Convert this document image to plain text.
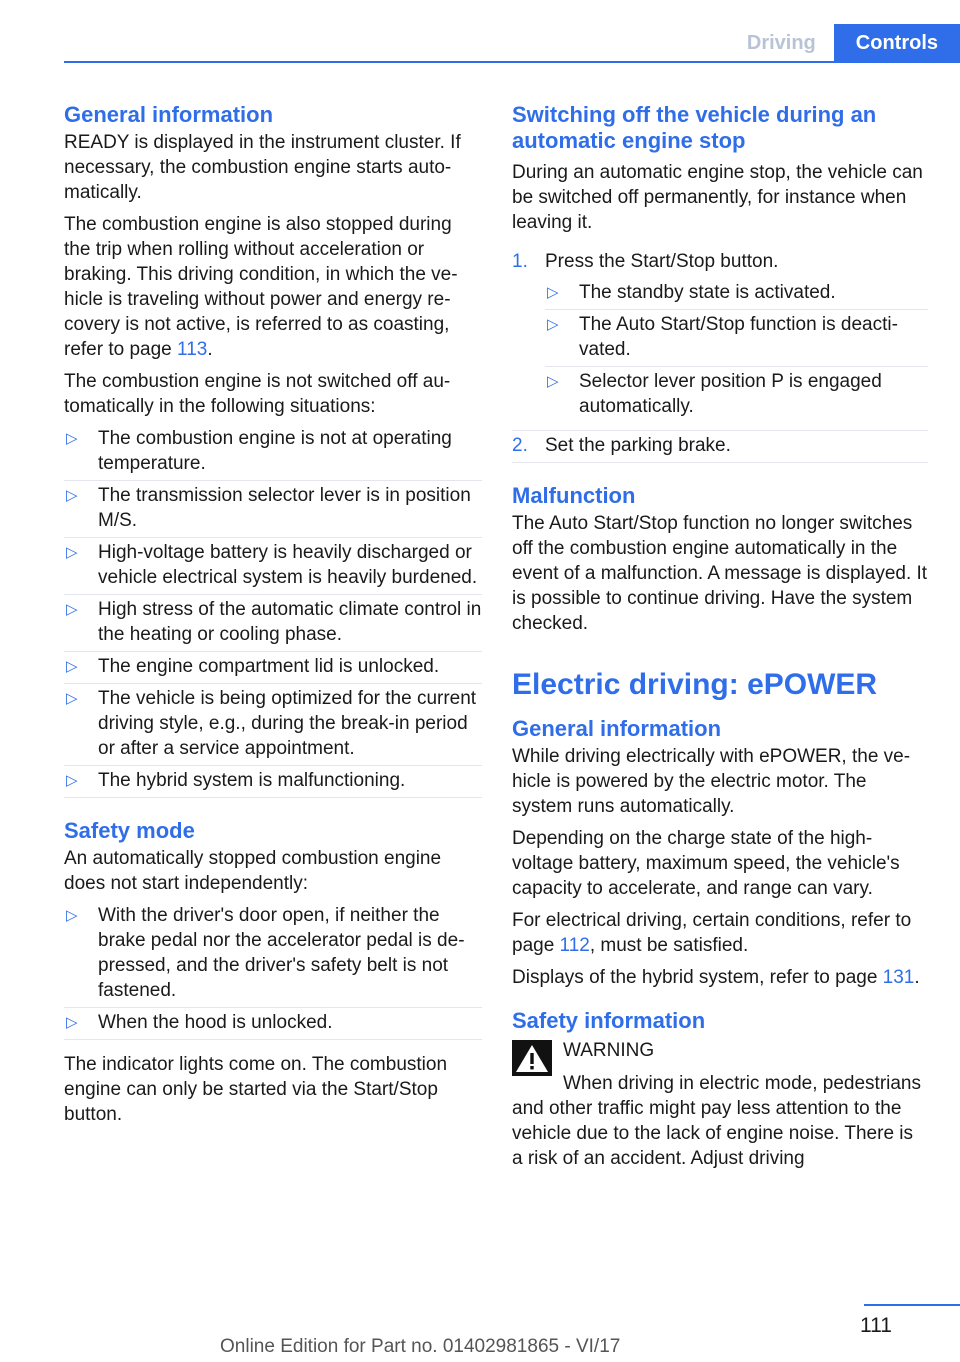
Driving	Controls
General information

READY is displayed in the instrument cluster. If necessary, the combustion engine starts automatically.

The combustion engine is also stopped during the trip when rolling without acceleration or braking. This driving condition, in which the vehicle is traveling without power and energy recovery is not active, is referred to as coasting, refer to page 113.

The combustion engine is not switched off automatically in the following situations:

▷ The combustion engine is not at operating temperature.
▷ The transmission selector lever is in position M/S.
▷ High-voltage battery is heavily discharged or vehicle electrical system is heavily burdened.
▷ High stress of the automatic climate control in the heating or cooling phase.
▷ The engine compartment lid is unlocked.
▷ The vehicle is being optimized for the current driving style, e.g., during the break-in period or after a service appointment.
▷ The hybrid system is malfunctioning.
Safety mode

An automatically stopped combustion engine does not start independently:

▷ With the driver's door open, if neither the brake pedal nor the accelerator pedal is depressed, and the driver's safety belt is not fastened.
▷ When the hood is unlocked.

The indicator lights come on. The combustion engine can only be started via the Start/Stop button.

Switching off the vehicle during an automatic engine stop

During an automatic engine stop, the vehicle can be switched off permanently, for instance when leaving it.

1. Press the Start/Stop button.
▷ The standby state is activated.
▷ The Auto Start/Stop function is deactivated.
▷ Selector lever position P is engaged automatically.
2. Set the parking brake.
Malfunction

The Auto Start/Stop function no longer switches off the combustion engine automatically in the event of a malfunction. A message is displayed. It is possible to continue driving. Have the system checked.

Electric driving: ePOWER
General information

While driving electrically with ePOWER, the vehicle is powered by the electric motor. The system runs automatically.

Depending on the charge state of the high-voltage battery, maximum speed, the vehicle's capacity to accelerate, and range can vary.

For electrical driving, certain conditions, refer to page 112, must be satisfied.

Displays of the hybrid system, refer to page 131.

Safety information
WARNING
When driving in electric mode, pedestrians and other traffic might pay less attention to the vehicle due to the lack of engine noise. There is a risk of an accident. Adjust driving
111
Online Edition for Part no. 01402981865 - VI/17
